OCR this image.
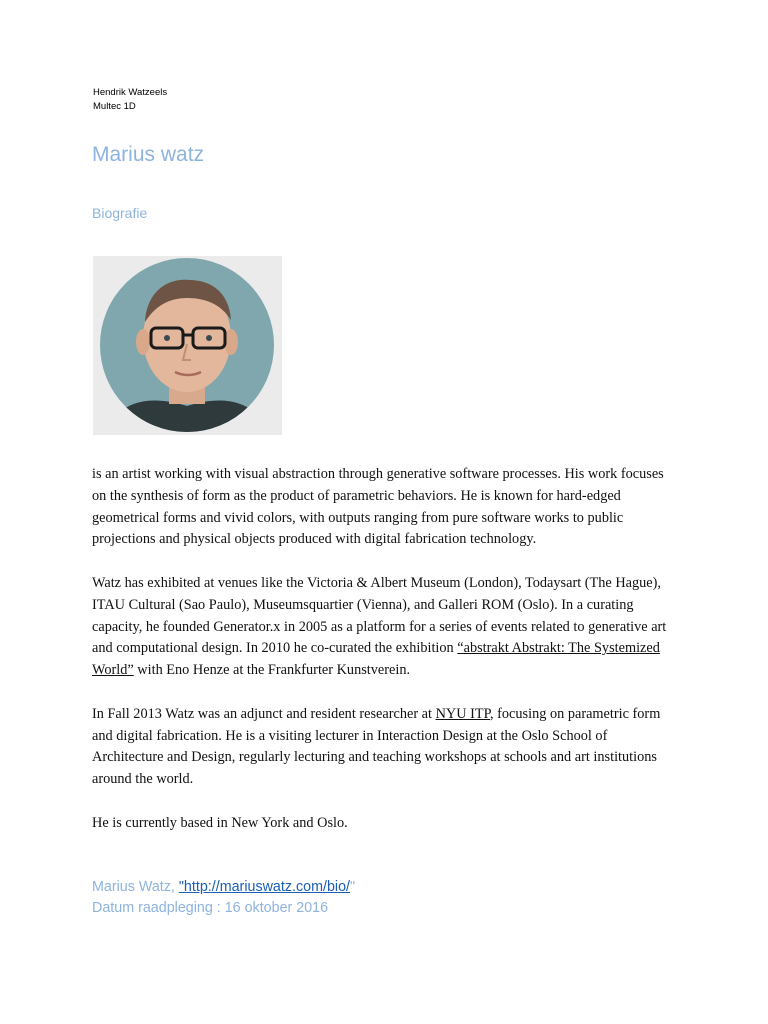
Hendrik Watzeels
Multec 1D
Marius watz
Biografie

is an artist working with visual abstraction through generative software processes. His work focuses on the synthesis of form as the product of parametric behaviors. He is known for hard-edged geometrical forms and vivid colors, with outputs ranging from pure software works to public projections and physical objects produced with digital fabrication technology.

Watz has exhibited at venues like the Victoria & Albert Museum (London), Todaysart (The Hague), ITAU Cultural (Sao Paulo), Museumsquartier (Vienna), and Galleri ROM (Oslo). In a curating capacity, he founded Generator.x in 2005 as a platform for a series of events related to generative art and computational design. In 2010 he co-curated the exhibition “abstrakt Abstrakt: The Systemized World” with Eno Henze at the Frankfurter Kunstverein.

In Fall 2013 Watz was an adjunct and resident researcher at NYU ITP, focusing on parametric form and digital fabrication. He is a visiting lecturer in Interaction Design at the Oslo School of Architecture and Design, regularly lecturing and teaching workshops at schools and art institutions around the world.

He is currently based in New York and Oslo.

Marius Watz, "http://mariuswatz.com/bio/"
Datum raadpleging : 16 oktober 2016
